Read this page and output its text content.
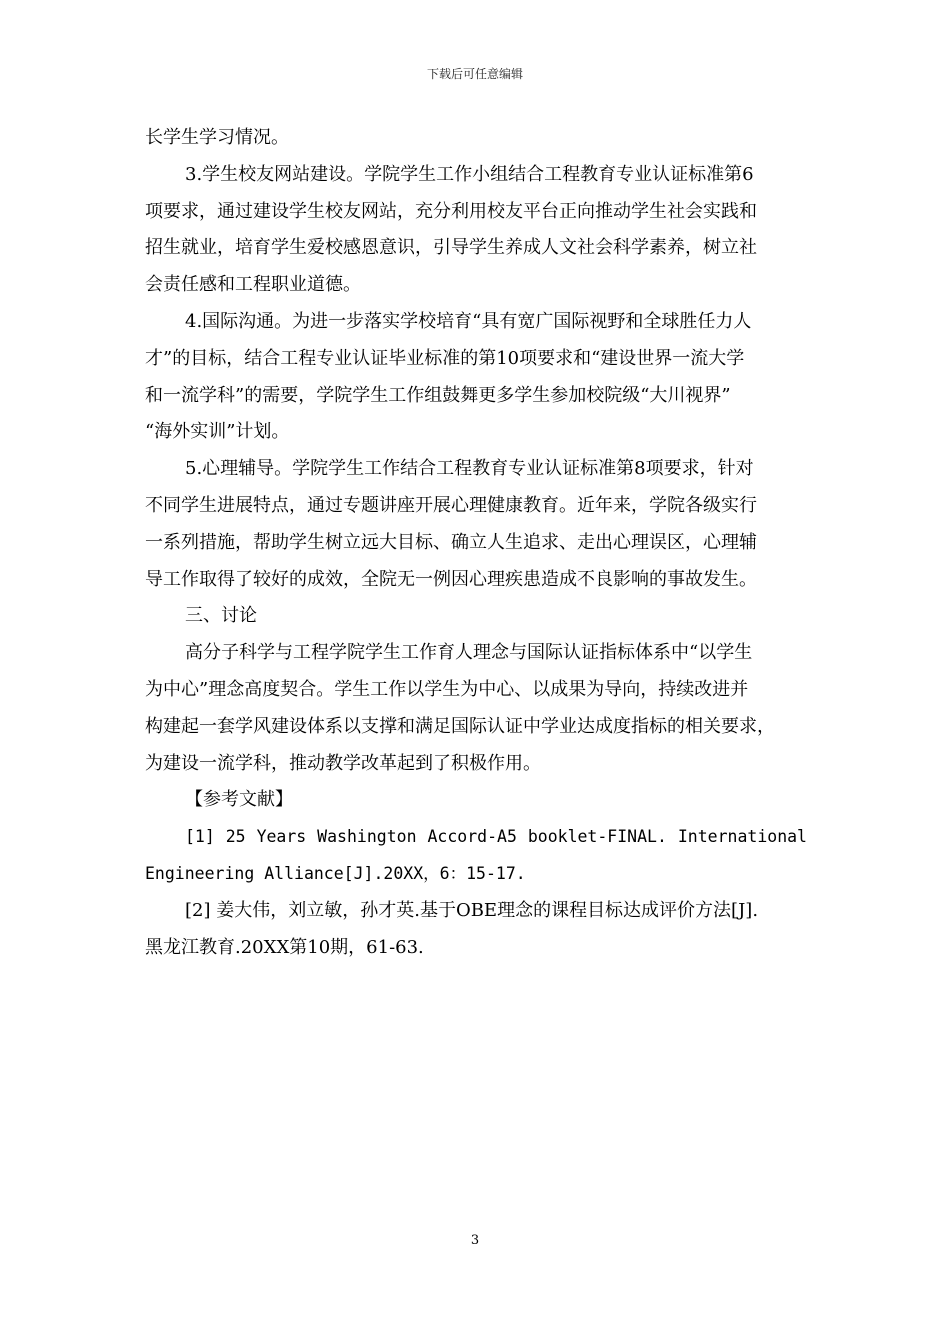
下载后可任意编辑

长学生学习情况。

3.学生校友网站建设。学院学生工作小组结合工程教育专业认证标准第6

项要求，通过建设学生校友网站，充分利用校友平台正向推动学生社会实践和

招生就业，培育学生爱校感恩意识，引导学生养成人文社会科学素养，树立社

会责任感和工程职业道德。

4.国际沟通。为进一步落实学校培育“具有宽广国际视野和全球胜任力人

才”的目标，结合工程专业认证毕业标准的第10项要求和“建设世界一流大学

和一流学科”的需要，学院学生工作组鼓舞更多学生参加校院级“大川视界”

“海外实训”计划。

5.心理辅导。学院学生工作结合工程教育专业认证标准第8项要求，针对

不同学生进展特点，通过专题讲座开展心理健康教育。近年来，学院各级实行

一系列措施，帮助学生树立远大目标、确立人生追求、走出心理误区，心理辅

导工作取得了较好的成效，全院无一例因心理疾患造成不良影响的事故发生。

三、讨论

高分子科学与工程学院学生工作育人理念与国际认证指标体系中“以学生

为中心”理念高度契合。学生工作以学生为中心、以成果为导向，持续改进并

构建起一套学风建设体系以支撑和满足国际认证中学业达成度指标的相关要求，

为建设一流学科，推动教学改革起到了积极作用。

【参考文献】

[1] 25 Years Washington Accord-A5 booklet-FINAL. International

Engineering Alliance[J].20XX，6：15-17.

[2] 姜大伟，刘立敏，孙才英.基于OBE理念的课程目标达成评价方法[J].

黑龙江教育.20XX第10期，61-63.

3
